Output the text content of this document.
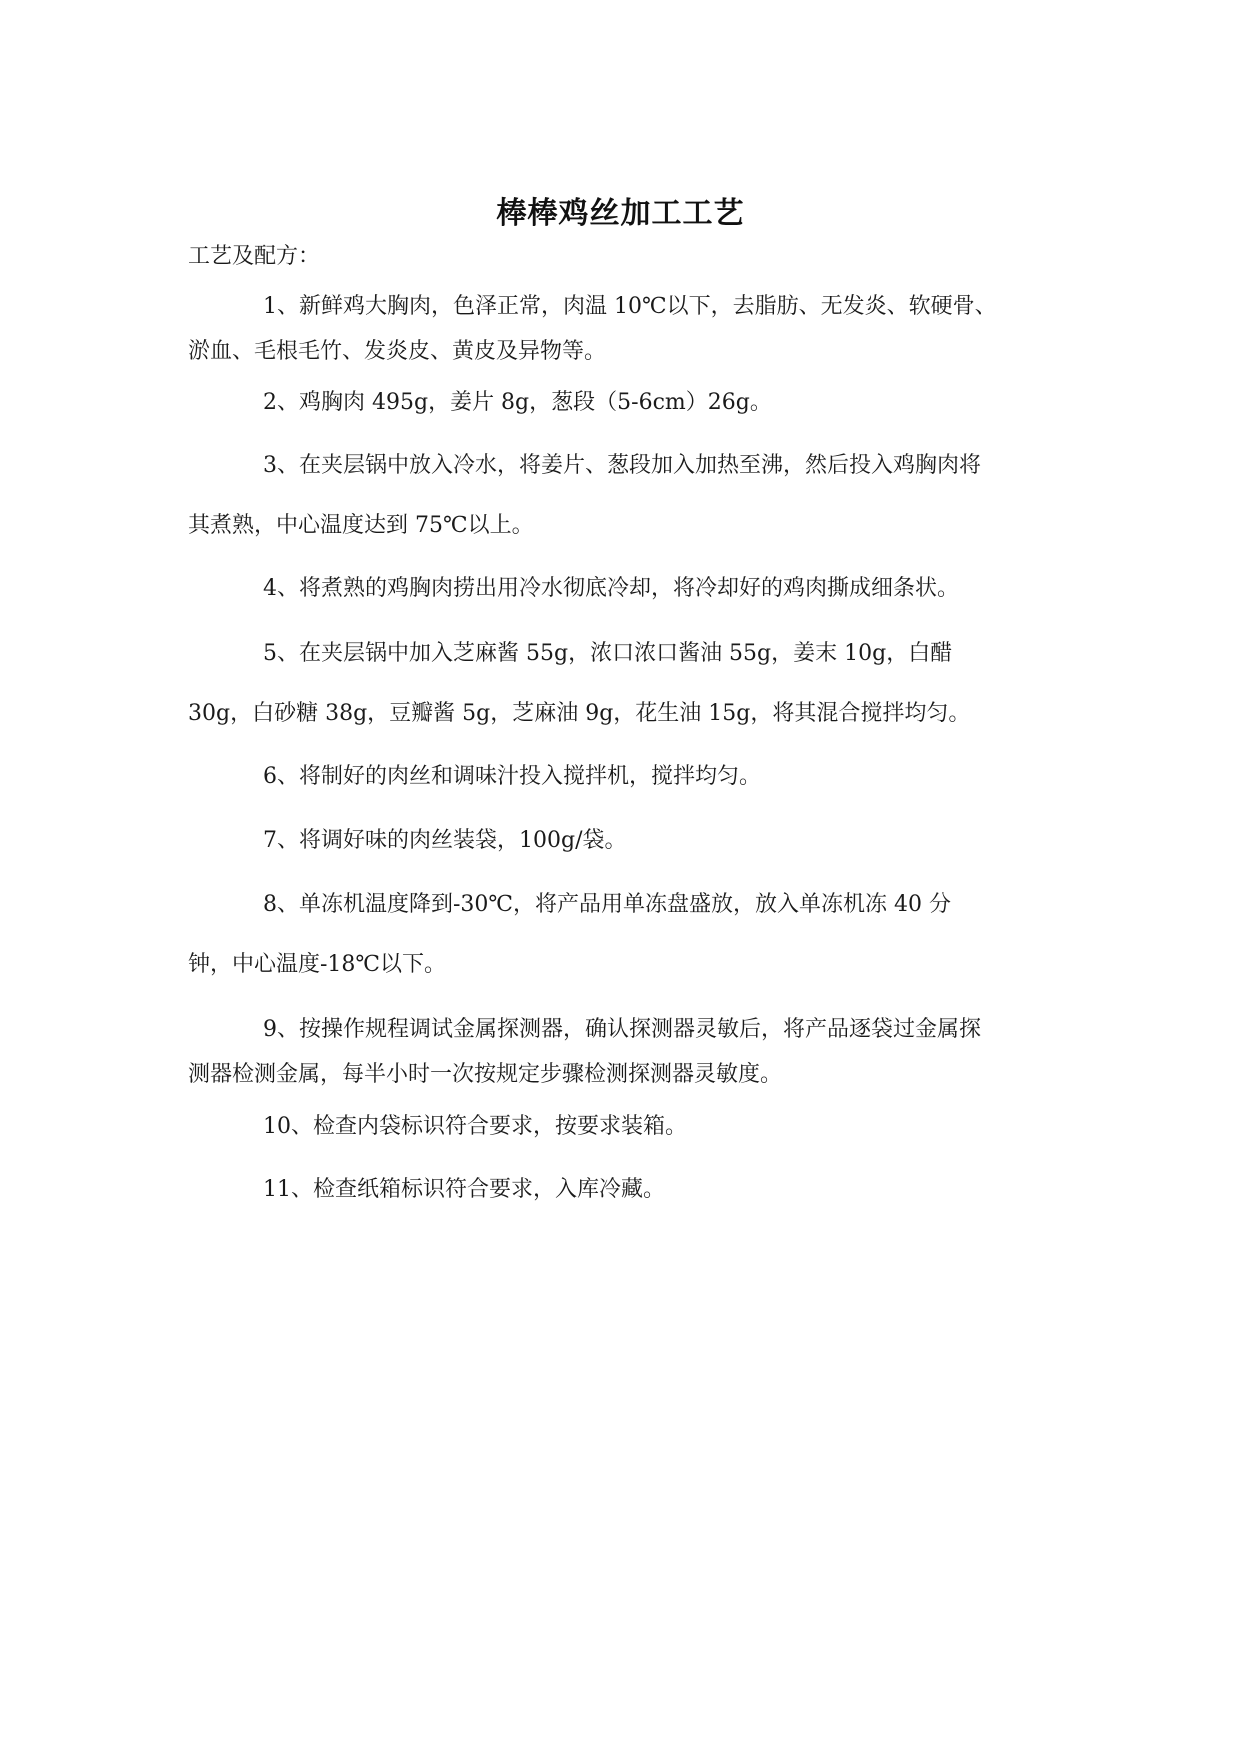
棒棒鸡丝加工工艺
工艺及配方：
1、新鲜鸡大胸肉，色泽正常，肉温 10℃以下，去脂肪、无发炎、软硬骨、
淤血、毛根毛竹、发炎皮、黄皮及异物等。
2、鸡胸肉 495g，姜片 8g，葱段（5-6cm）26g。
3、在夹层锅中放入冷水，将姜片、葱段加入加热至沸，然后投入鸡胸肉将
其煮熟，中心温度达到 75℃以上。
4、将煮熟的鸡胸肉捞出用冷水彻底冷却，将冷却好的鸡肉撕成细条状。
5、在夹层锅中加入芝麻酱 55g，浓口浓口酱油 55g，姜末 10g，白醋
30g，白砂糖 38g，豆瓣酱 5g，芝麻油 9g，花生油 15g，将其混合搅拌均匀。
6、将制好的肉丝和调味汁投入搅拌机，搅拌均匀。
7、将调好味的肉丝装袋，100g/袋。
8、单冻机温度降到-30℃，将产品用单冻盘盛放，放入单冻机冻 40 分
钟，中心温度-18℃以下。
9、按操作规程调试金属探测器，确认探测器灵敏后，将产品逐袋过金属探
测器检测金属，每半小时一次按规定步骤检测探测器灵敏度。
10、检查内袋标识符合要求，按要求装箱。
11、检查纸箱标识符合要求，入库冷藏。
